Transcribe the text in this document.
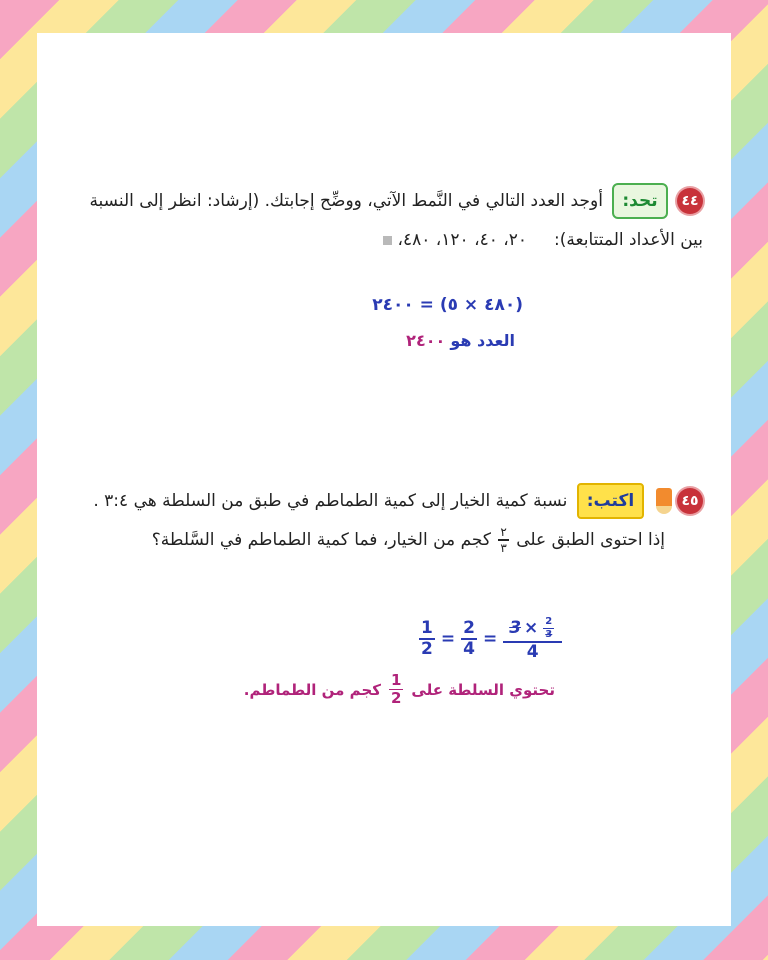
٤٤ تحد: أوجد العدد التالي في النَّمط الآتي، ووضِّح إجابتك. (إرشاد: انظر إلى النسبة
بين الأعداد المتتابعة):     ٢٠، ٤٠، ١٢٠، ٤٨٠،
(٤٨٠ × ٥) = ٢٤٠٠
العدد هو ٢٤٠٠
٤٥  اكتب: نسبة كمية الخيار إلى كمية الطماطم في طبق من السلطة هي ٣:٤ .
إذا احتوى الطبق على
$\frac{٢}{٣}$
كجم من الخيار، فما كمية الطماطم في السَّلطة؟
$\frac{1}{2} = \frac{2}{4} = \frac{3 \times \frac{2}{3}}{4}$
تحتوي السلطة على
$\frac{1}{2}$
كجم من الطماطم.
